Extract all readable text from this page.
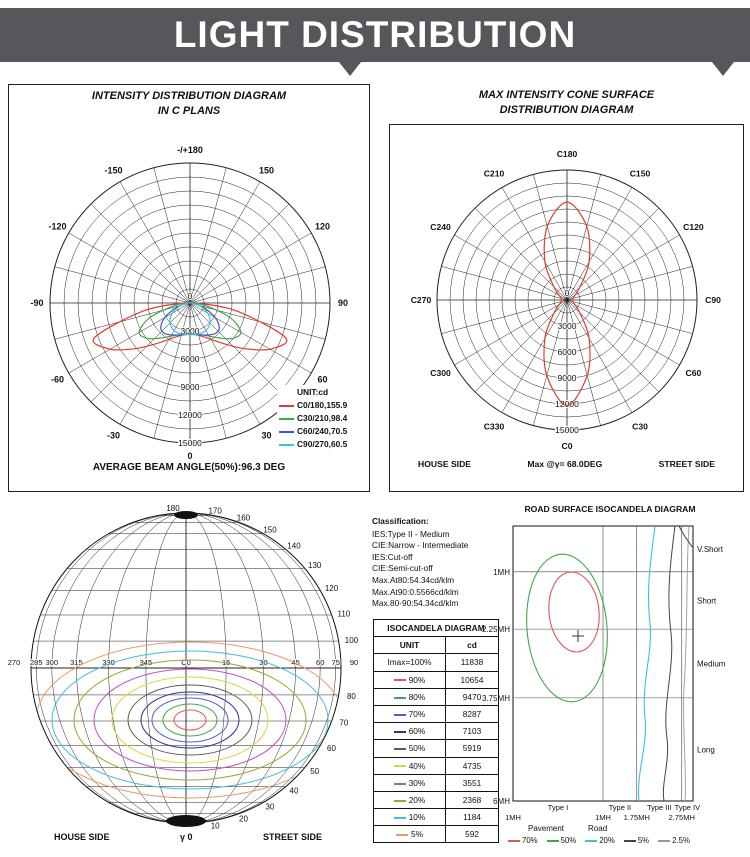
LIGHT DISTRIBUTION
0
3000
6000
9000
12000
15000
-/+180
-150	150
-120	120
-90	90
-60	60
-30	30
0
INTENSITY DISTRIBUTION DIAGRAM
IN C PLANS
UNIT:cd
C0/180,155.9
C30/210,98.4
C60/240,70.5
C90/270,60.5
AVERAGE BEAM ANGLE(50%):96.3 DEG
MAX INTENSITY CONE SURFACE
DISTRIBUTION DIAGRAM
0
3000
6000
9000
12000
15000
C0
C30
C60
C90
C120
C150
C180
C210
C240
C270
C300
C330
HOUSE SIDE	Max @γ= 68.0DEG	STREET SIDE
180	170
160
150
140
130
120
110
100
80
70
60
50
40
30
20
10
270 285 300 315	330	345	C0	15	30	45 60 75 90
HOUSE SIDE	γ 0	STREET SIDE
Classification:
IES:Type II - Medium
CIE:Narrow - Intermediate
IES:Cut-off
CIE:Semi-cut-off
Max.At80:54.34cd/klm
Max.At90:0.5566cd/klm
Max.80-90:54.34cd/klm
ISOCANDELA DIAGRAM	
UNIT	cd
Imax=100%	11838
90%	10654
80%	9470
70%	8287
60%	7103
50%	5919
40%	4735
30%	3551
20%	2368
10%	1184
5%	592
ROAD SURFACE ISOCANDELA DIAGRAM
1MH
2.25MH
3.75MH
6MH
V.Short
Short
Medium
Long
Type I	Type II Type III Type IV
1MH	1MH 1.75MH 2.75MH
Pavement	Road
70%	50%	20%	5%	2.5%
